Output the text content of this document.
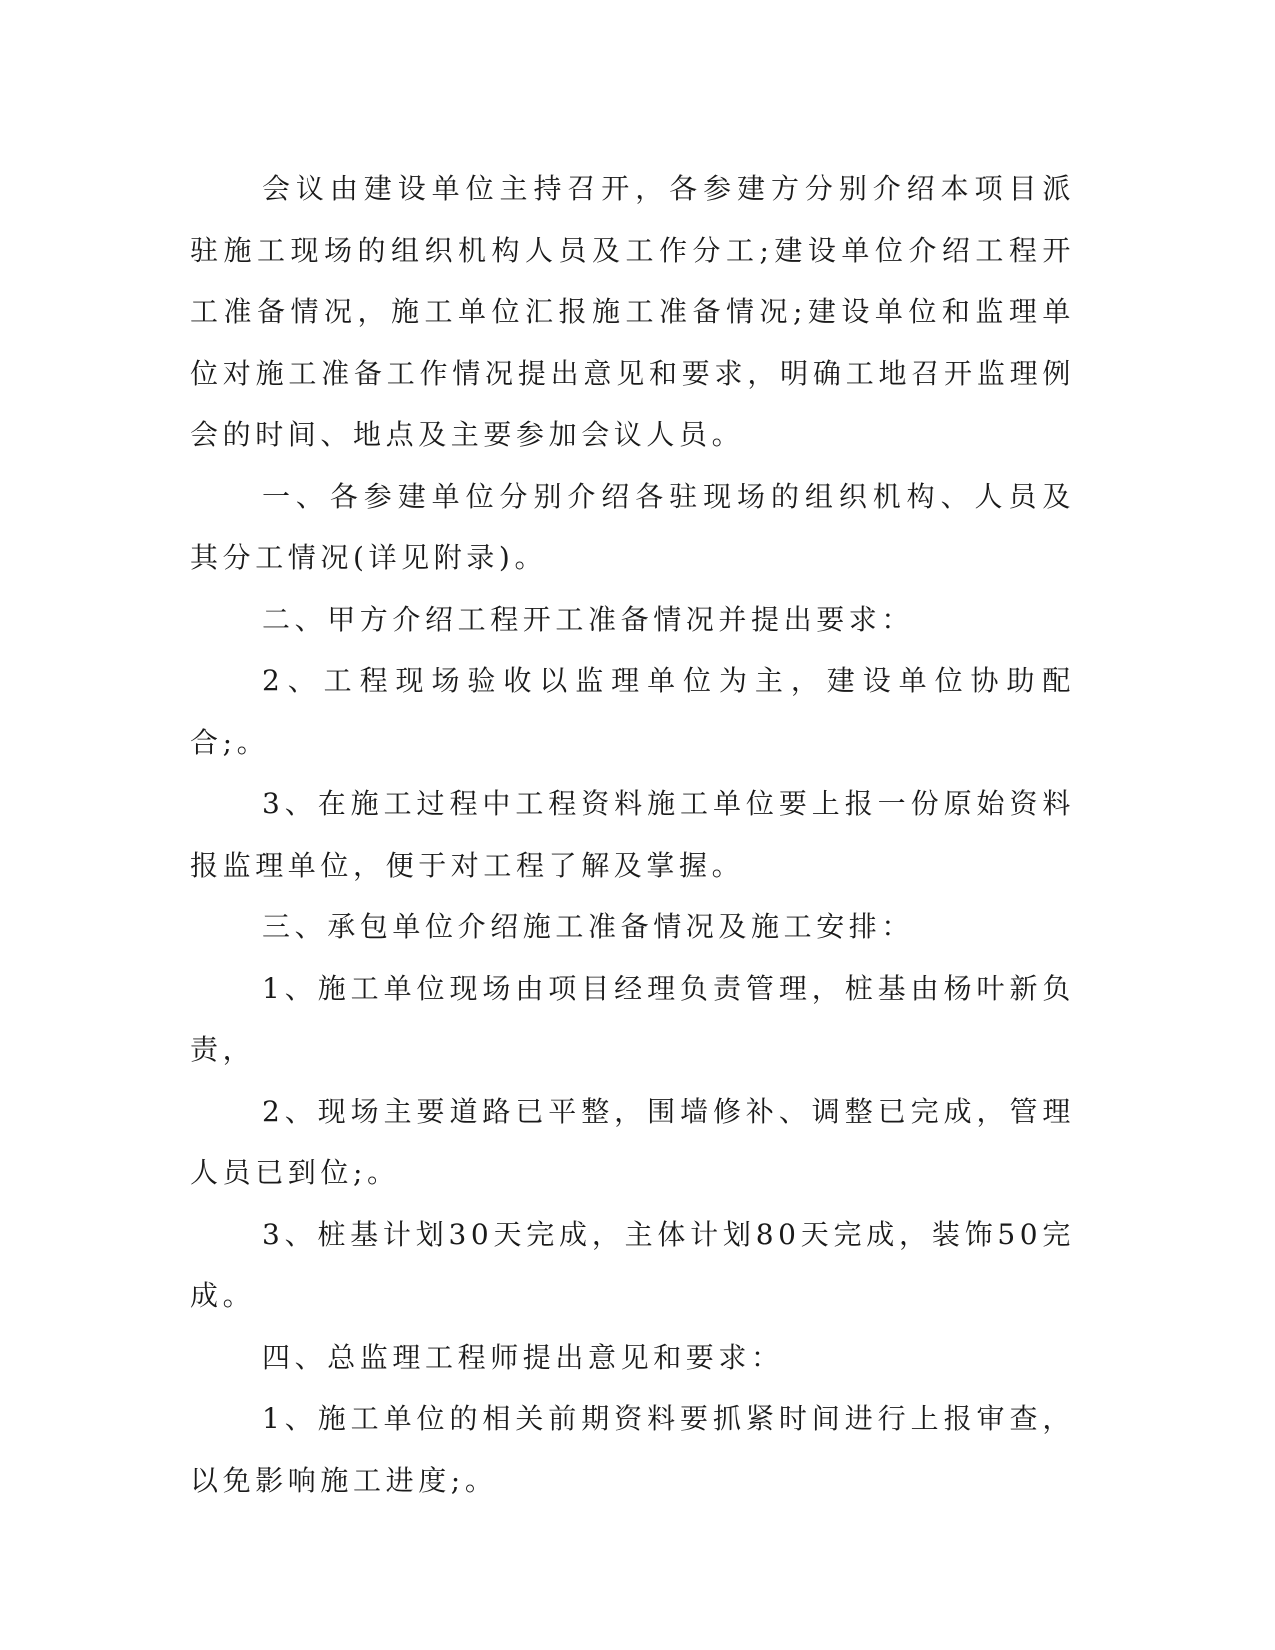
会议由建设单位主持召开，各参建方分别介绍本项目派驻施工现场的组织机构人员及工作分工;建设单位介绍工程开工准备情况，施工单位汇报施工准备情况;建设单位和监理单位对施工准备工作情况提出意见和要求，明确工地召开监理例会的时间、地点及主要参加会议人员。

一、各参建单位分别介绍各驻现场的组织机构、人员及其分工情况(详见附录)。

二、甲方介绍工程开工准备情况并提出要求：

2、工程现场验收以监理单位为主，建设单位协助配合;。

3、在施工过程中工程资料施工单位要上报一份原始资料报监理单位，便于对工程了解及掌握。

三、承包单位介绍施工准备情况及施工安排：

1、施工单位现场由项目经理负责管理，桩基由杨叶新负责，

2、现场主要道路已平整，围墙修补、调整已完成，管理人员已到位;。

3、桩基计划30天完成，主体计划80天完成，装饰50完成。

四、总监理工程师提出意见和要求：

1、施工单位的相关前期资料要抓紧时间进行上报审查，以免影响施工进度;。
